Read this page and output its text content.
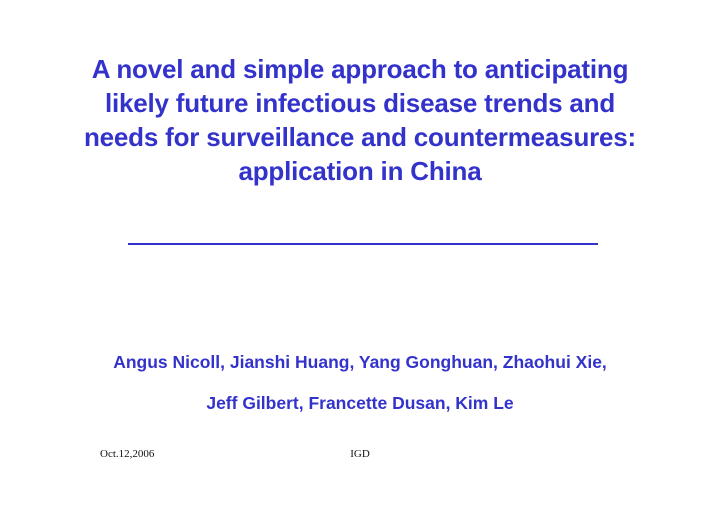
A novel and simple approach to anticipating
likely future infectious disease trends and
needs for surveillance and countermeasures:
application in China
Angus Nicoll, Jianshi Huang, Yang Gonghuan, Zhaohui Xie,
Jeff Gilbert, Francette Dusan, Kim Le
Oct.12,2006	IGD
